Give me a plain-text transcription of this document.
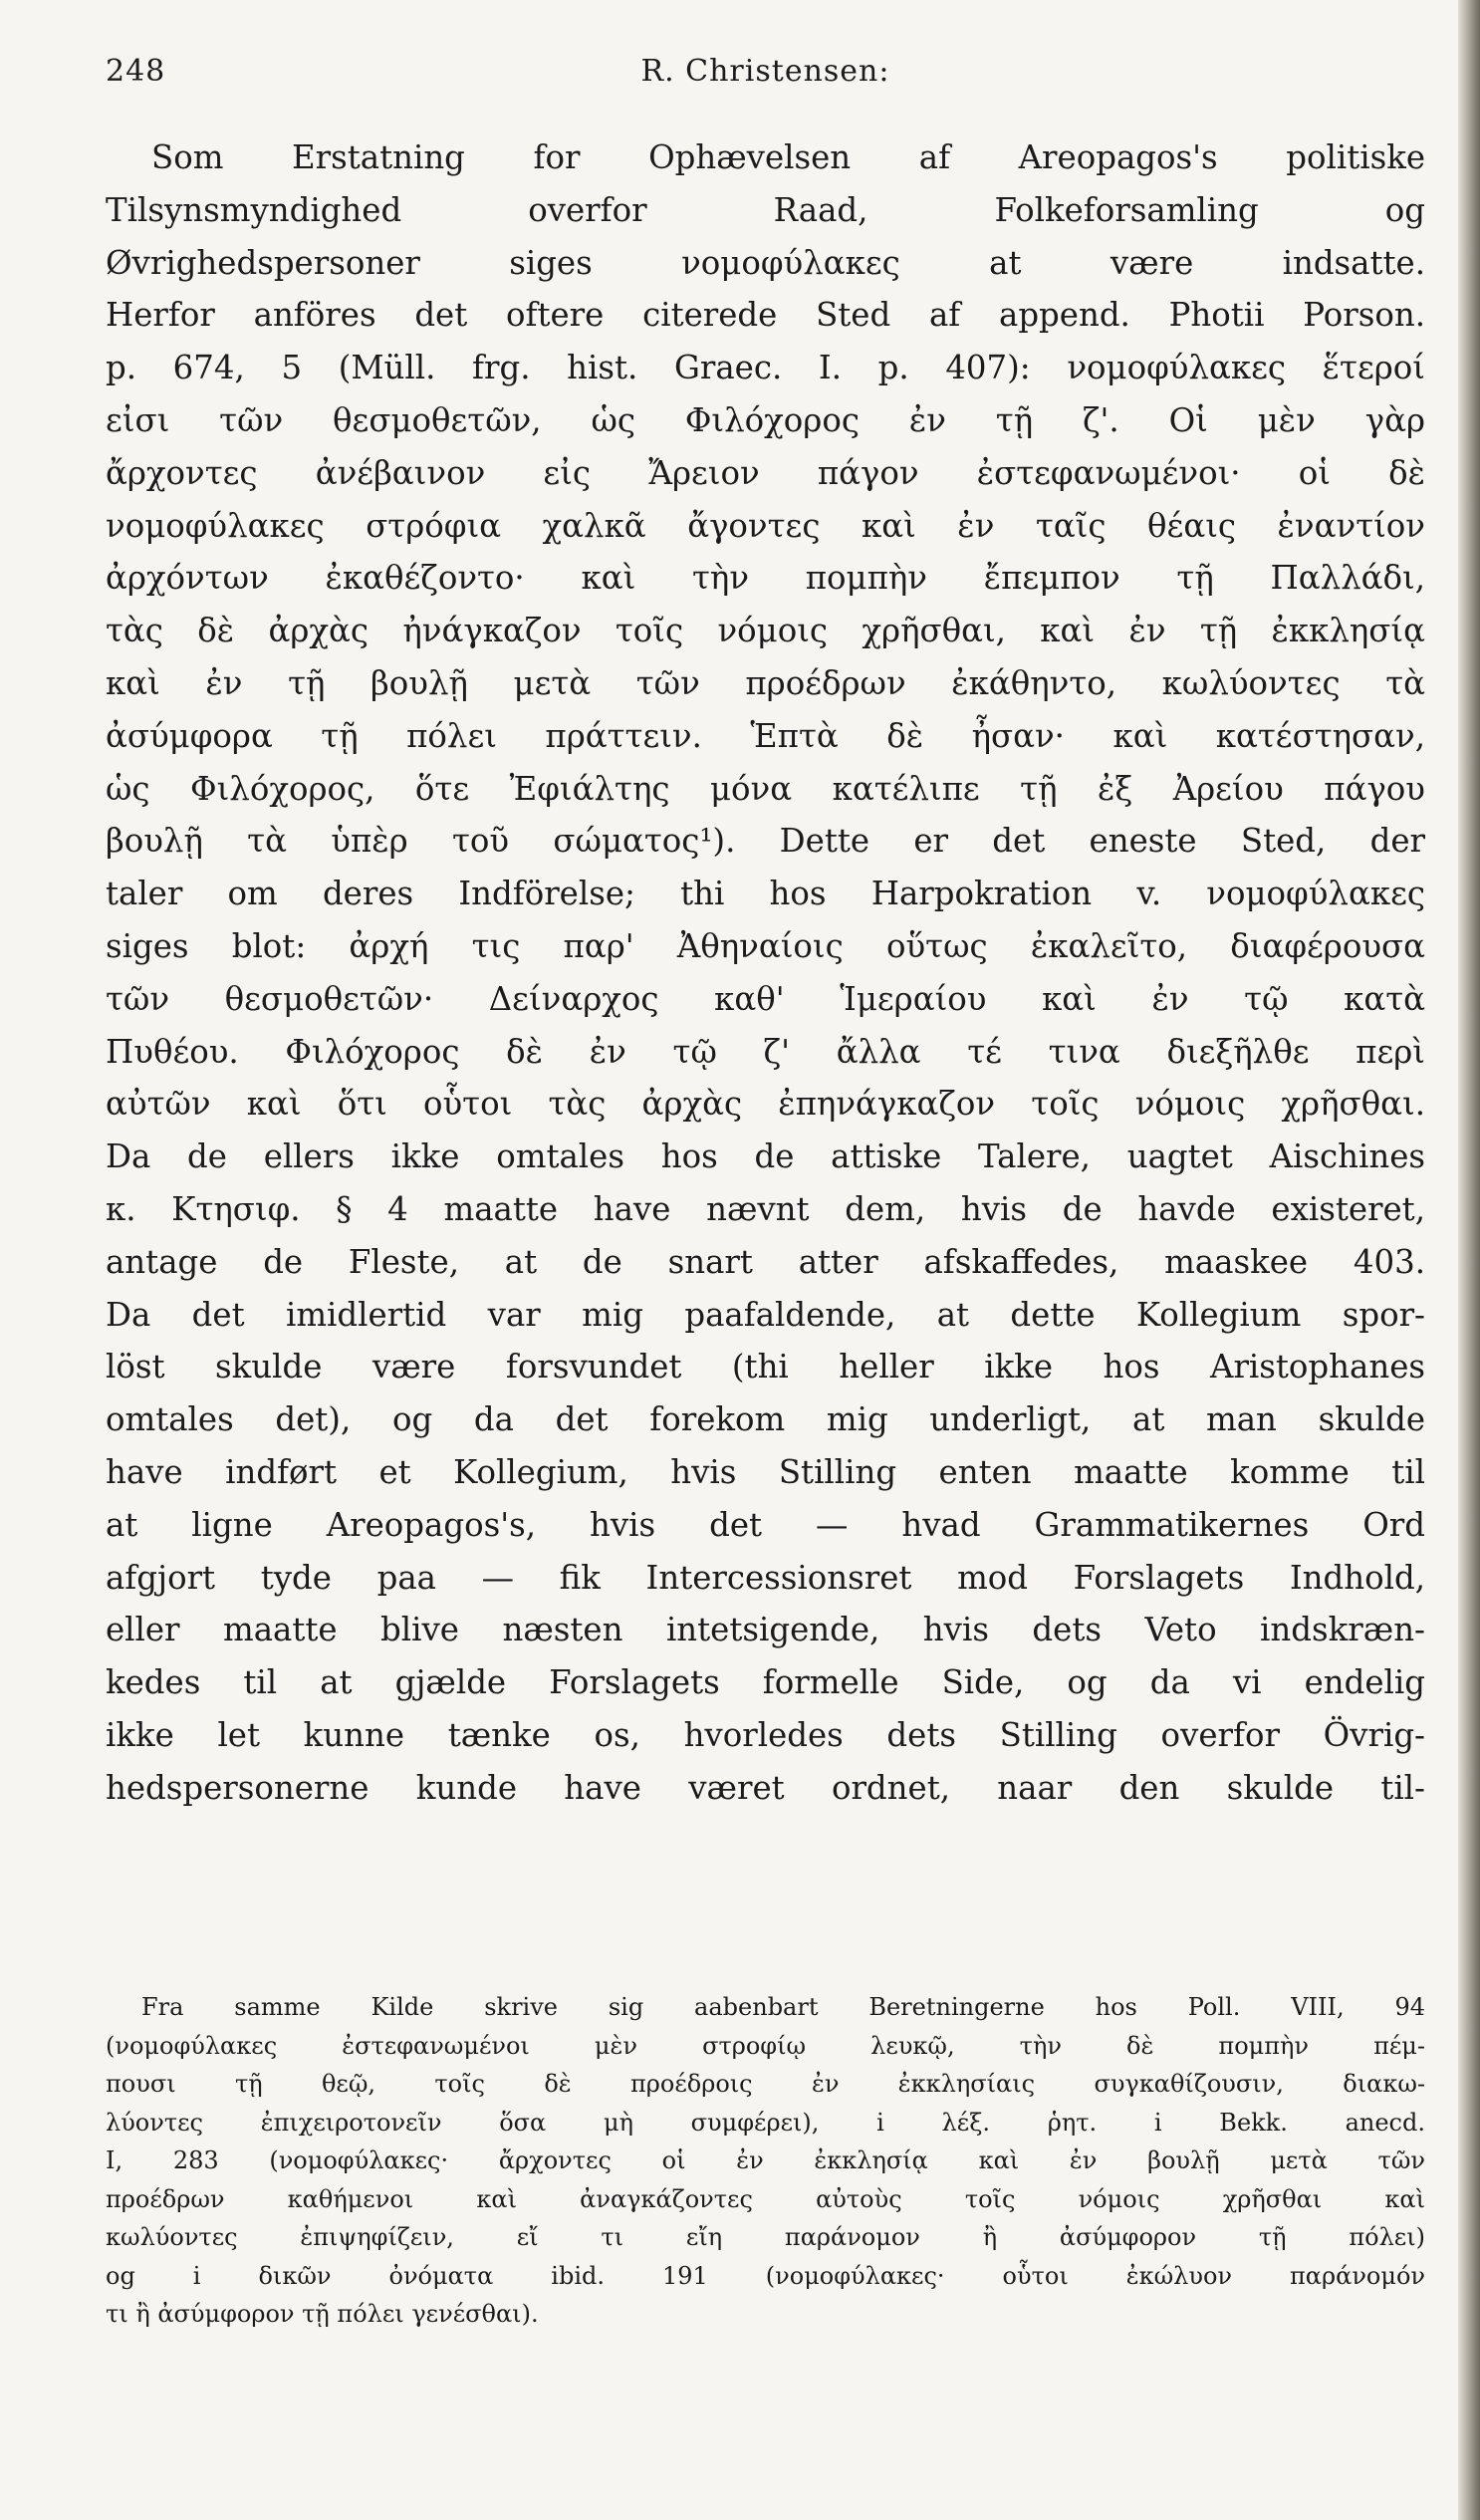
248	R. Christensen:
Som Erstatning for Ophævelsen af Areopagos's politiske
Tilsynsmyndighed overfor Raad, Folkeforsamling og
Øvrighedspersoner siges νομοφύλακες at være indsatte.
Herfor anföres det oftere citerede Sted af append. Photii Porson.
p. 674, 5 (Müll. frg. hist. Graec. I. p. 407): νομοφύλακες ἕτεροί
εἰσι τῶν θεσμοθετῶν, ὡς Φιλόχορος ἐν τῇ ζ'. Οἱ μὲν γὰρ
ἄρχοντες ἀνέβαινον εἰς Ἄρειον πάγον ἐστεφανωμένοι· οἱ δὲ
νομοφύλακες στρόφια χαλκᾶ ἄγοντες καὶ ἐν ταῖς θέαις ἐναντίον
ἀρχόντων ἐκαθέζοντο· καὶ τὴν πομπὴν ἔπεμπον τῇ Παλλάδι,
τὰς δὲ ἀρχὰς ἠνάγκαζον τοῖς νόμοις χρῆσθαι, καὶ ἐν τῇ ἐκκλησίᾳ
καὶ ἐν τῇ βουλῇ μετὰ τῶν προέδρων ἐκάθηντο, κωλύοντες τὰ
ἀσύμφορα τῇ πόλει πράττειν. Ἑπτὰ δὲ ἦσαν· καὶ κατέστησαν,
ὡς Φιλόχορος, ὅτε Ἐφιάλτης μόνα κατέλιπε τῇ ἐξ Ἀρείου πάγου
βουλῇ τὰ ὑπὲρ τοῦ σώματος¹). Dette er det eneste Sted, der
taler om deres Indförelse; thi hos Harpokration v. νομοφύλακες
siges blot: ἀρχή τις παρ' Ἀθηναίοις οὕτως ἐκαλεῖτο, διαφέρουσα
τῶν θεσμοθετῶν· Δείναρχος καθ' Ἱμεραίου καὶ ἐν τῷ κατὰ
Πυθέου. Φιλόχορος δὲ ἐν τῷ ζ' ἄλλα τέ τινα διεξῆλθε περὶ
αὐτῶν καὶ ὅτι οὗτοι τὰς ἀρχὰς ἐπηνάγκαζον τοῖς νόμοις χρῆσθαι.
Da de ellers ikke omtales hos de attiske Talere, uagtet Aischines
κ. Κτησιφ. § 4 maatte have nævnt dem, hvis de havde existeret,
antage de Fleste, at de snart atter afskaffedes, maaskee 403.
Da det imidlertid var mig paafaldende, at dette Kollegium spor-
löst skulde være forsvundet (thi heller ikke hos Aristophanes
omtales det), og da det forekom mig underligt, at man skulde
have indført et Kollegium, hvis Stilling enten maatte komme til
at ligne Areopagos's, hvis det — hvad Grammatikernes Ord
afgjort tyde paa — fik Intercessionsret mod Forslagets Indhold,
eller maatte blive næsten intetsigende, hvis dets Veto indskræn-
kedes til at gjælde Forslagets formelle Side, og da vi endelig
ikke let kunne tænke os, hvorledes dets Stilling overfor Övrig-
hedspersonerne kunde have været ordnet, naar den skulde til-
Fra samme Kilde skrive sig aabenbart Beretningerne hos Poll. VIII, 94
(νομοφύλακες ἐστεφανωμένοι μὲν στροφίῳ λευκῷ, τὴν δὲ πομπὴν πέμ-
πουσι τῇ θεῷ, τοῖς δὲ προέδροις ἐν ἐκκλησίαις συγκαθίζουσιν, διακω-
λύοντες ἐπιχειροτονεῖν ὅσα μὴ συμφέρει), i λέξ. ῥητ. i Bekk. anecd.
I, 283 (νομοφύλακες· ἄρχοντες οἱ ἐν ἐκκλησίᾳ καὶ ἐν βουλῇ μετὰ τῶν
προέδρων καθήμενοι καὶ ἀναγκάζοντες αὐτοὺς τοῖς νόμοις χρῆσθαι καὶ
κωλύοντες ἐπιψηφίζειν, εἴ τι εἴη παράνομον ἢ ἀσύμφορον τῇ πόλει)
og i δικῶν ὀνόματα ibid. 191 (νομοφύλακες· οὗτοι ἐκώλυον παράνομόν
τι ἢ ἀσύμφορον τῇ πόλει γενέσθαι).
